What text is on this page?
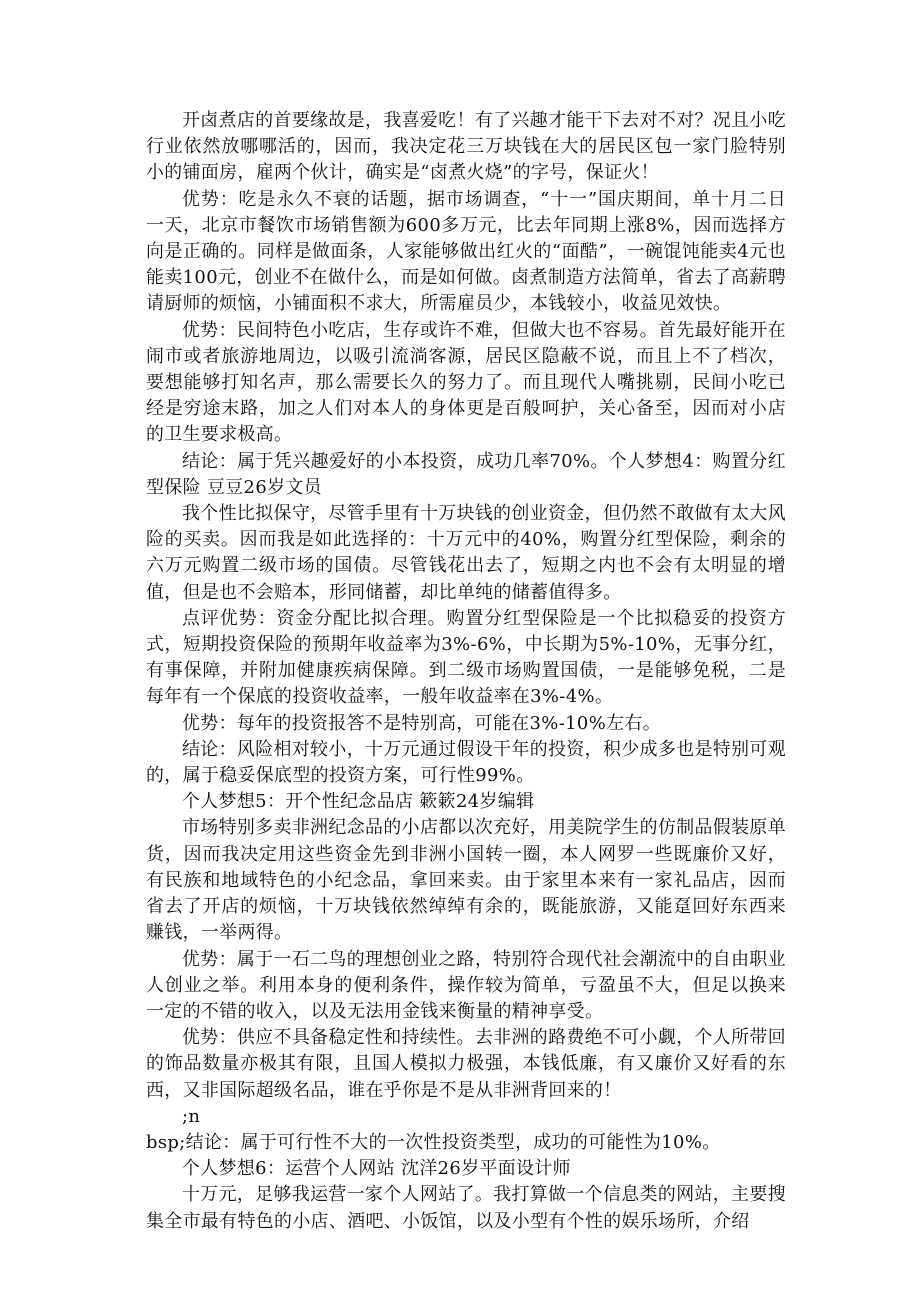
开卤煮店的首要缘故是，我喜爱吃！有了兴趣才能干下去对不对？况且小吃行业依然放哪哪活的，因而，我决定花三万块钱在大的居民区包一家门脸特别小的铺面房，雇两个伙计，确实是“卤煮火烧”的字号，保证火！

优势：吃是永久不衰的话题，据市场调查，“十一”国庆期间，单十月二日一天，北京市餐饮市场销售额为600多万元，比去年同期上涨8%，因而选择方向是正确的。同样是做面条，人家能够做出红火的“面酷”，一碗馄饨能卖4元也能卖100元，创业不在做什么，而是如何做。卤煮制造方法简单，省去了高薪聘请厨师的烦恼，小铺面积不求大，所需雇员少，本钱较小，收益见效快。

优势：民间特色小吃店，生存或许不难，但做大也不容易。首先最好能开在闹市或者旅游地周边，以吸引流淌客源，居民区隐蔽不说，而且上不了档次，要想能够打知名声，那么需要长久的努力了。而且现代人嘴挑剔，民间小吃已经是穷途末路，加之人们对本人的身体更是百般呵护，关心备至，因而对小店的卫生要求极高。

结论：属于凭兴趣爱好的小本投资，成功几率70%。个人梦想4：购置分红型保险 豆豆26岁文员

我个性比拟保守，尽管手里有十万块钱的创业资金，但仍然不敢做有太大风险的买卖。因而我是如此选择的：十万元中的40%，购置分红型保险，剩余的六万元购置二级市场的国债。尽管钱花出去了，短期之内也不会有太明显的增值，但是也不会赔本，形同储蓄，却比单纯的储蓄值得多。

点评优势：资金分配比拟合理。购置分红型保险是一个比拟稳妥的投资方式，短期投资保险的预期年收益率为3%-6%，中长期为5%-10%，无事分红，有事保障，并附加健康疾病保障。到二级市场购置国债，一是能够免税，二是每年有一个保底的投资收益率，一般年收益率在3%-4%。

优势：每年的投资报答不是特别高，可能在3%-10%左右。

结论：风险相对较小，十万元通过假设干年的投资，积少成多也是特别可观的，属于稳妥保底型的投资方案，可行性99%。

个人梦想5：开个性纪念品店 簌簌24岁编辑

市场特别多卖非洲纪念品的小店都以次充好，用美院学生的仿制品假装原单货，因而我决定用这些资金先到非洲小国转一圈，本人网罗一些既廉价又好，有民族和地域特色的小纪念品，拿回来卖。由于家里本来有一家礼品店，因而省去了开店的烦恼，十万块钱依然绰绰有余的，既能旅游，又能趸回好东西来赚钱，一举两得。

优势：属于一石二鸟的理想创业之路，特别符合现代社会潮流中的自由职业人创业之举。利用本身的便利条件，操作较为简单，亏盈虽不大，但足以换来一定的不错的收入，以及无法用金钱来衡量的精神享受。

优势：供应不具备稳定性和持续性。去非洲的路费绝不可小觑，个人所带回的饰品数量亦极其有限，且国人模拟力极强，本钱低廉，有又廉价又好看的东西，又非国际超级名品，谁在乎你是不是从非洲背回来的！

;n

bsp;结论：属于可行性不大的一次性投资类型，成功的可能性为10%。

个人梦想6：运营个人网站 沈洋26岁平面设计师

十万元，足够我运营一家个人网站了。我打算做一个信息类的网站，主要搜集全市最有特色的小店、酒吧、小饭馆，以及小型有个性的娱乐场所，介绍
